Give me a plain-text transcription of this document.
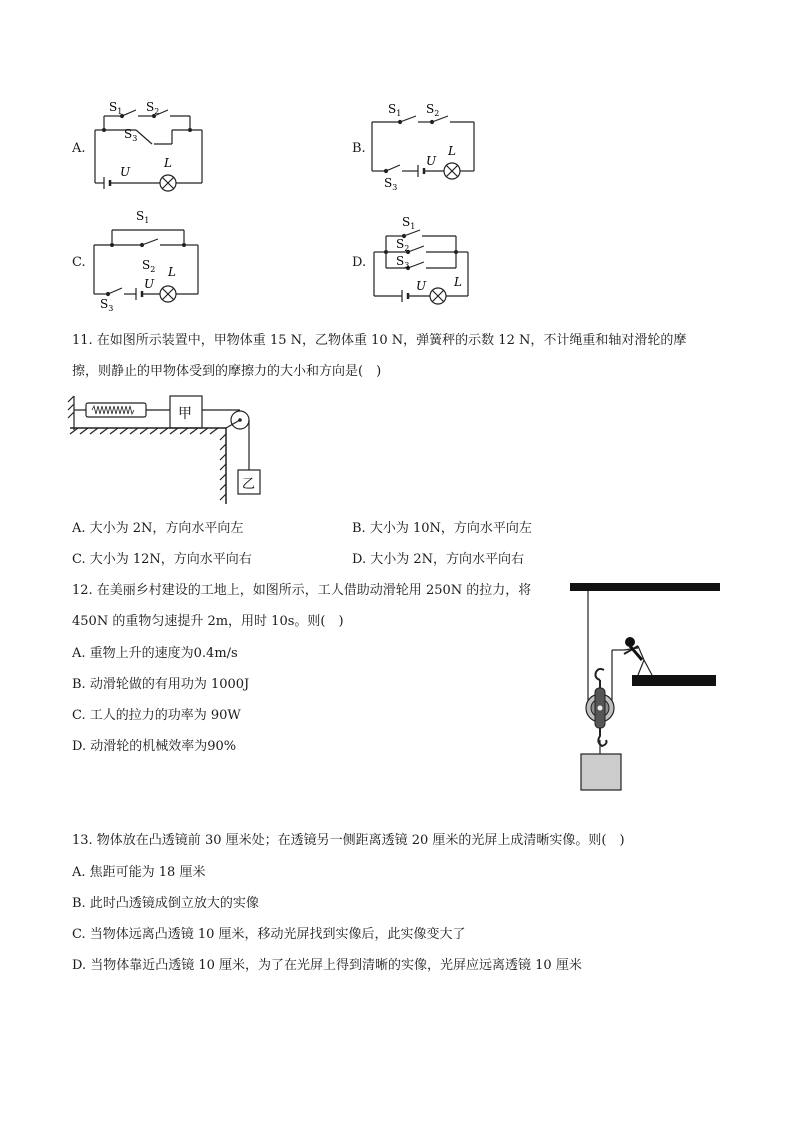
A.
$S_1$ $S_2$
$S_3$
U
L
B.
$S_1$ $S_2$
$S_3$
U
L
C.
$S_1$
$S_2$
$S_3$
U
L
D.
$S_1$
$S_2$
$S_3$
U L
11. 在如图所示装置中，甲物体重 15 N，乙物体重 10 N，弹簧秤的示数 12 N，不计绳重和轴对滑轮的摩
擦，则静止的甲物体受到的摩擦力的大小和方向是(　)
甲
乙
A. 大小为 2N，方向水平向左	B. 大小为 10N，方向水平向左
C. 大小为 12N，方向水平向右	D. 大小为 2N，方向水平向右
12. 在美丽乡村建设的工地上，如图所示，工人借助动滑轮用 250N 的拉力，将
450N 的重物匀速提升 2m，用时 10s。则(　)
A. 重物上升的速度为0.4m/s
B. 动滑轮做的有用功为 1000J
C. 工人的拉力的功率为 90W
D. 动滑轮的机械效率为90%
13. 物体放在凸透镜前 30 厘米处；在透镜另一侧距离透镜 20 厘米的光屏上成清晰实像。则(　)
A. 焦距可能为 18 厘米
B. 此时凸透镜成倒立放大的实像
C. 当物体远离凸透镜 10 厘米，移动光屏找到实像后，此实像变大了
D. 当物体靠近凸透镜 10 厘米，为了在光屏上得到清晰的实像，光屏应远离透镜 10 厘米
